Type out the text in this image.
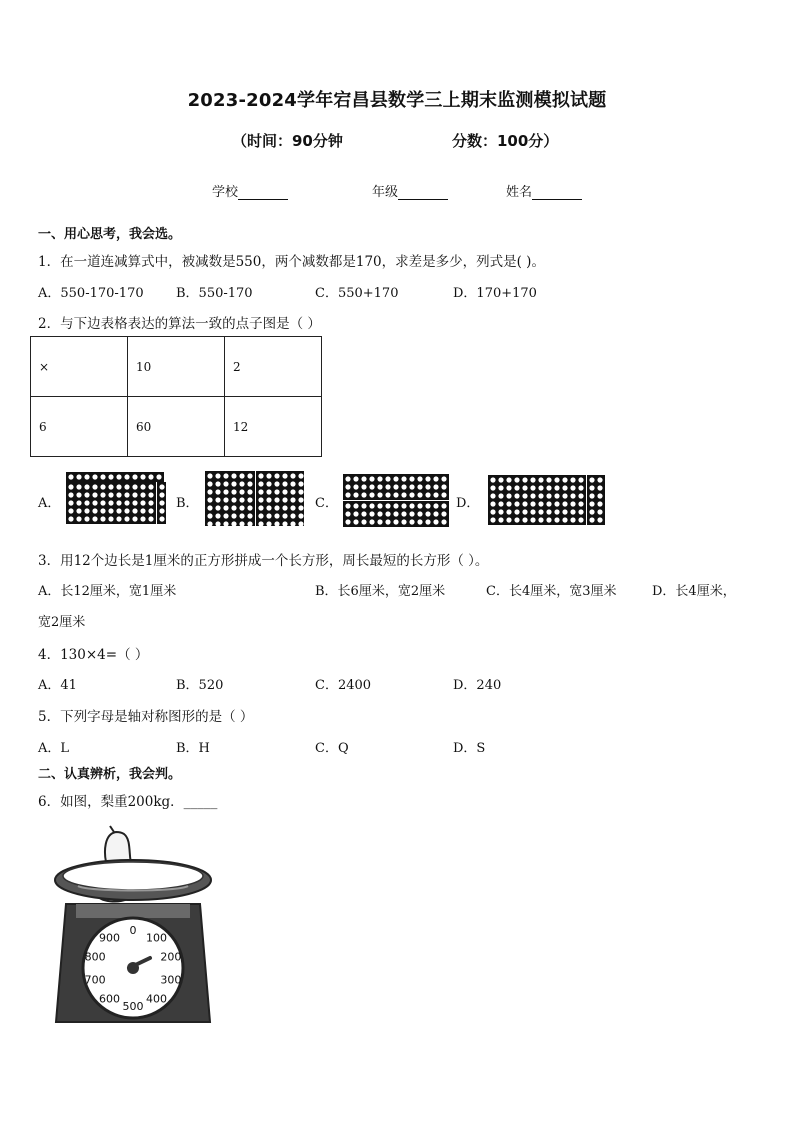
2023-2024学年宕昌县数学三上期末监测模拟试题
（时间：90分钟	分数：100分）
学校	年级	姓名
一、用心思考，我会选。
1．在一道连减算式中，被减数是550，两个减数都是170，求差是多少，列式是( )。
A．550-170-170 B．550-170	C．550+170	D．170+170
2．与下边表格表达的算法一致的点子图是（ ）
×	10	2
6	60	12
A．	B．	C．	D．
3．用12个边长是1厘米的正方形拼成一个长方形，周长最短的长方形（ ）。
A．长12厘米，宽1厘米	B．长6厘米，宽2厘米	C．长4厘米，宽3厘米	D．长4厘米，
宽2厘米
4．130×4=（ ）
A．41	B．520	C．2400	D．240
5．下列字母是轴对称图形的是（ ）
A．L	B．H	C．Q	D．S
二、认真辨析，我会判。
6．如图，梨重200kg．_____
0
100
200
300
400
500
600
700
800
900
